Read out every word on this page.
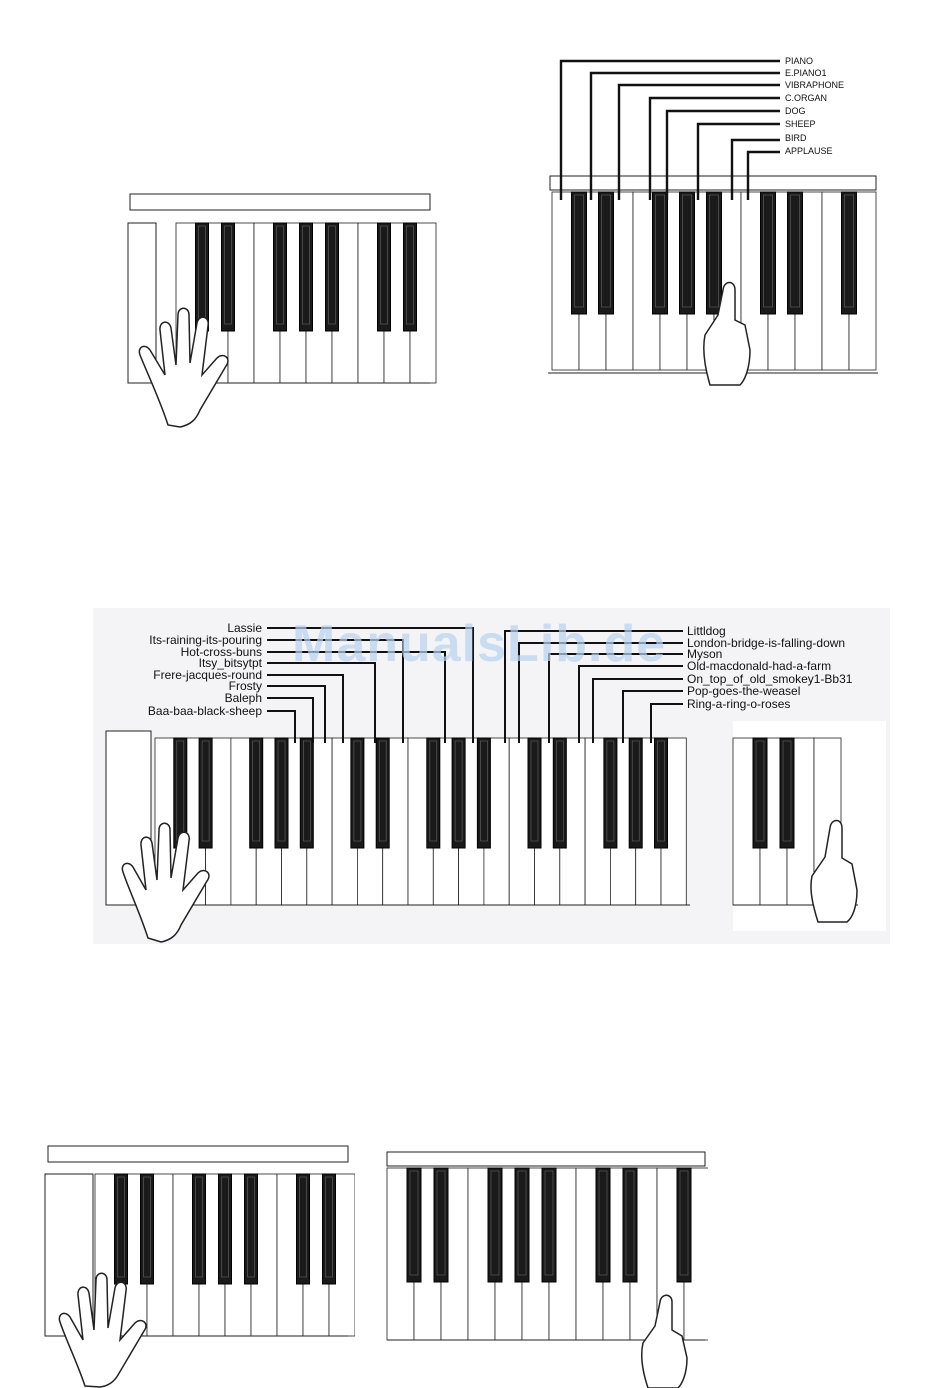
PIANO
E.PIANO1
VIBRAPHONE
C.ORGAN
DOG
SHEEP
BIRD
APPLAUSE
Lassie
Its-raining-its-pouring
Hot-cross-buns
Itsy_bitsytpt
Frere-jacques-round
Frosty
Baleph
Baa-baa-black-sheep
Littldog
London-bridge-is-falling-down
Myson
Old-macdonald-had-a-farm
On_top_of_old_smokey1-Bb31
Pop-goes-the-weasel
Ring-a-ring-o-roses
ManualsLib.de
